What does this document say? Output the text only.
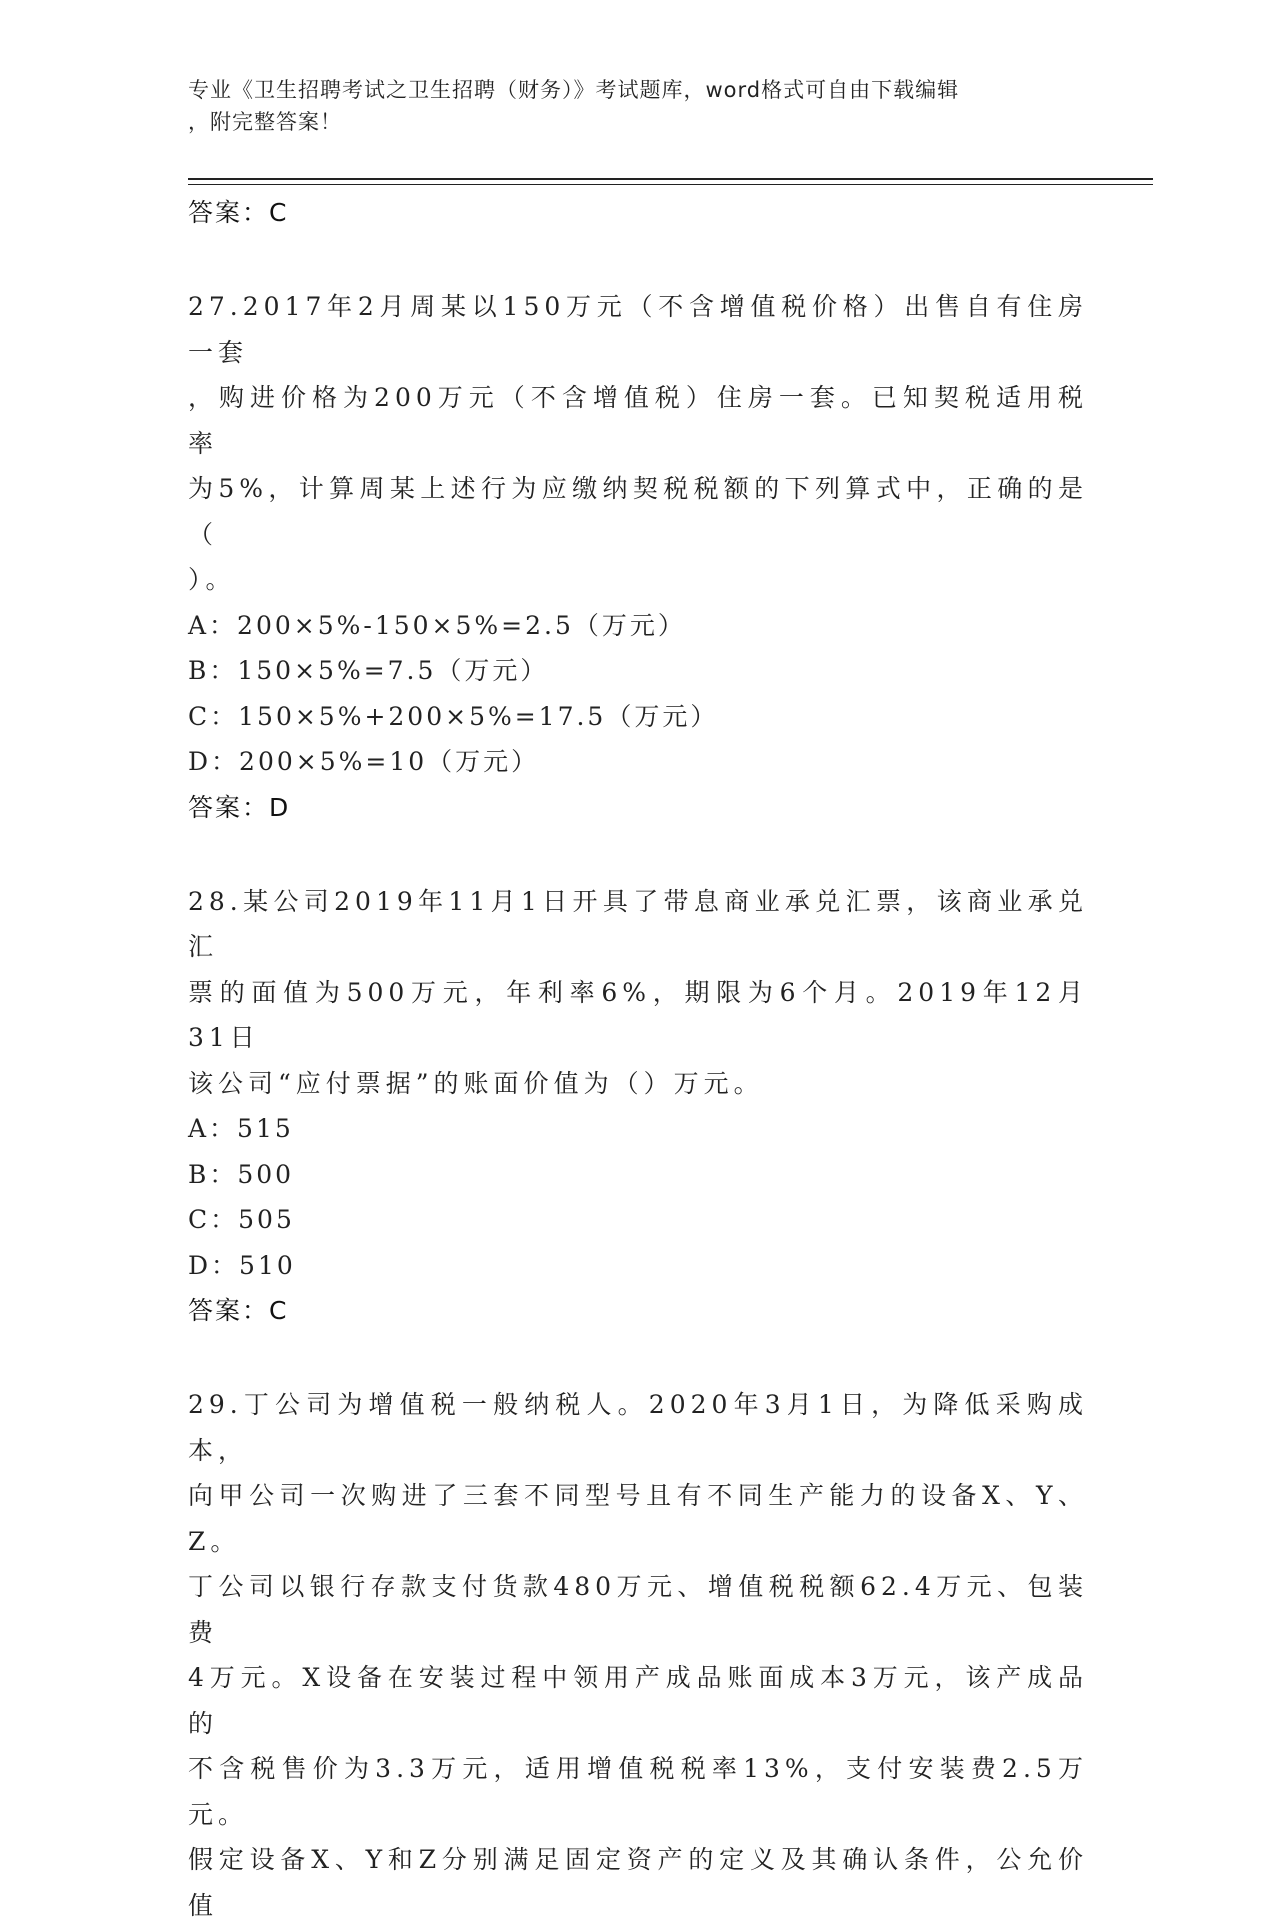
专业《卫生招聘考试之卫生招聘（财务）》考试题库，word格式可自由下载编辑
，附完整答案！
答案：C
27.2017年2月周某以150万元（不含增值税价格）出售自有住房一套
，购进价格为200万元（不含增值税）住房一套。已知契税适用税率
为5%，计算周某上述行为应缴纳契税税额的下列算式中，正确的是（
）。
A：200×5%-150×5%=2.5（万元）
B：150×5%=7.5（万元）
C：150×5%+200×5%=17.5（万元）
D：200×5%=10（万元）
答案：D
28.某公司2019年11月1日开具了带息商业承兑汇票，该商业承兑汇
票的面值为500万元，年利率6%，期限为6个月。2019年12月31日
该公司“应付票据”的账面价值为（）万元。
A：515
B：500
C：505
D：510
答案：C
29.丁公司为增值税一般纳税人。2020年3月1日，为降低采购成本，
向甲公司一次购进了三套不同型号且有不同生产能力的设备X、Y、Z。
丁公司以银行存款支付货款480万元、增值税税额62.4万元、包装费
4万元。X设备在安装过程中领用产成品账面成本3万元，该产成品的
不含税售价为3.3万元，适用增值税税率13%，支付安装费2.5万元。
假定设备X、Y和Z分别满足固定资产的定义及其确认条件，公允价值
